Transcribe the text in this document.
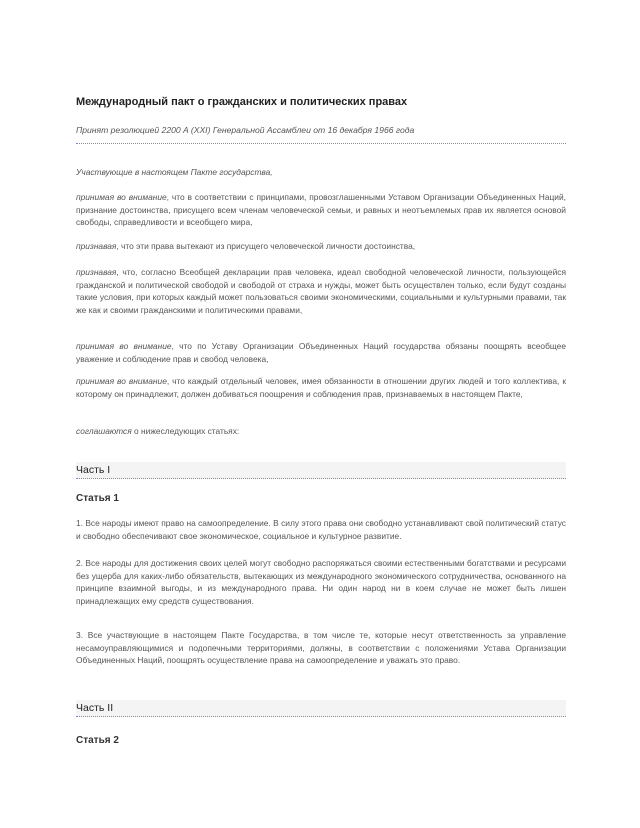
Международный пакт о гражданских и политических правах
Принят резолюцией 2200 A (XXI) Генеральной Ассамблеи от 16 декабря 1966 года
Участвующие в настоящем Пакте государства,
принимая во внимание, что в соответствии с принципами, провозглашенными Уставом Организации Объединенных Наций, признание достоинства, присущего всем членам человеческой семьи, и равных и неотъемлемых прав их является основой свободы, справедливости и всеобщего мира,
признавая, что эти права вытекают из присущего человеческой личности достоинства,
признавая, что, согласно Всеобщей декларации прав человека, идеал свободной человеческой личности, пользующейся гражданской и политической свободой и свободой от страха и нужды, может быть осуществлен только, если будут созданы такие условия, при которых каждый может пользоваться своими экономическими, социальными и культурными правами, так же как и своими гражданскими и политическими правами,
принимая во внимание, что по Уставу Организации Объединенных Наций государства обязаны поощрять всеобщее уважение и соблюдение прав и свобод человека,
принимая во внимание, что каждый отдельный человек, имея обязанности в отношении других людей и того коллектива, к которому он принадлежит, должен добиваться поощрения и соблюдения прав, признаваемых в настоящем Пакте,
соглашаются о нижеследующих статьях:
Часть I
Статья 1
1. Все народы имеют право на самоопределение. В силу этого права они свободно устанавливают свой политический статус и свободно обеспечивают свое экономическое, социальное и культурное развитие.
2. Все народы для достижения своих целей могут свободно распоряжаться своими естественными богатствами и ресурсами без ущерба для каких-либо обязательств, вытекающих из международного экономического сотрудничества, основанного на принципе взаимной выгоды, и из международного права. Ни один народ ни в коем случае не может быть лишен принадлежащих ему средств существования.
3. Все участвующие в настоящем Пакте Государства, в том числе те, которые несут ответственность за управление несамоуправляющимися и подопечными территориями, должны, в соответствии с положениями Устава Организации Объединенных Наций, поощрять осуществление права на самоопределение и уважать это право.
Часть II
Статья 2
